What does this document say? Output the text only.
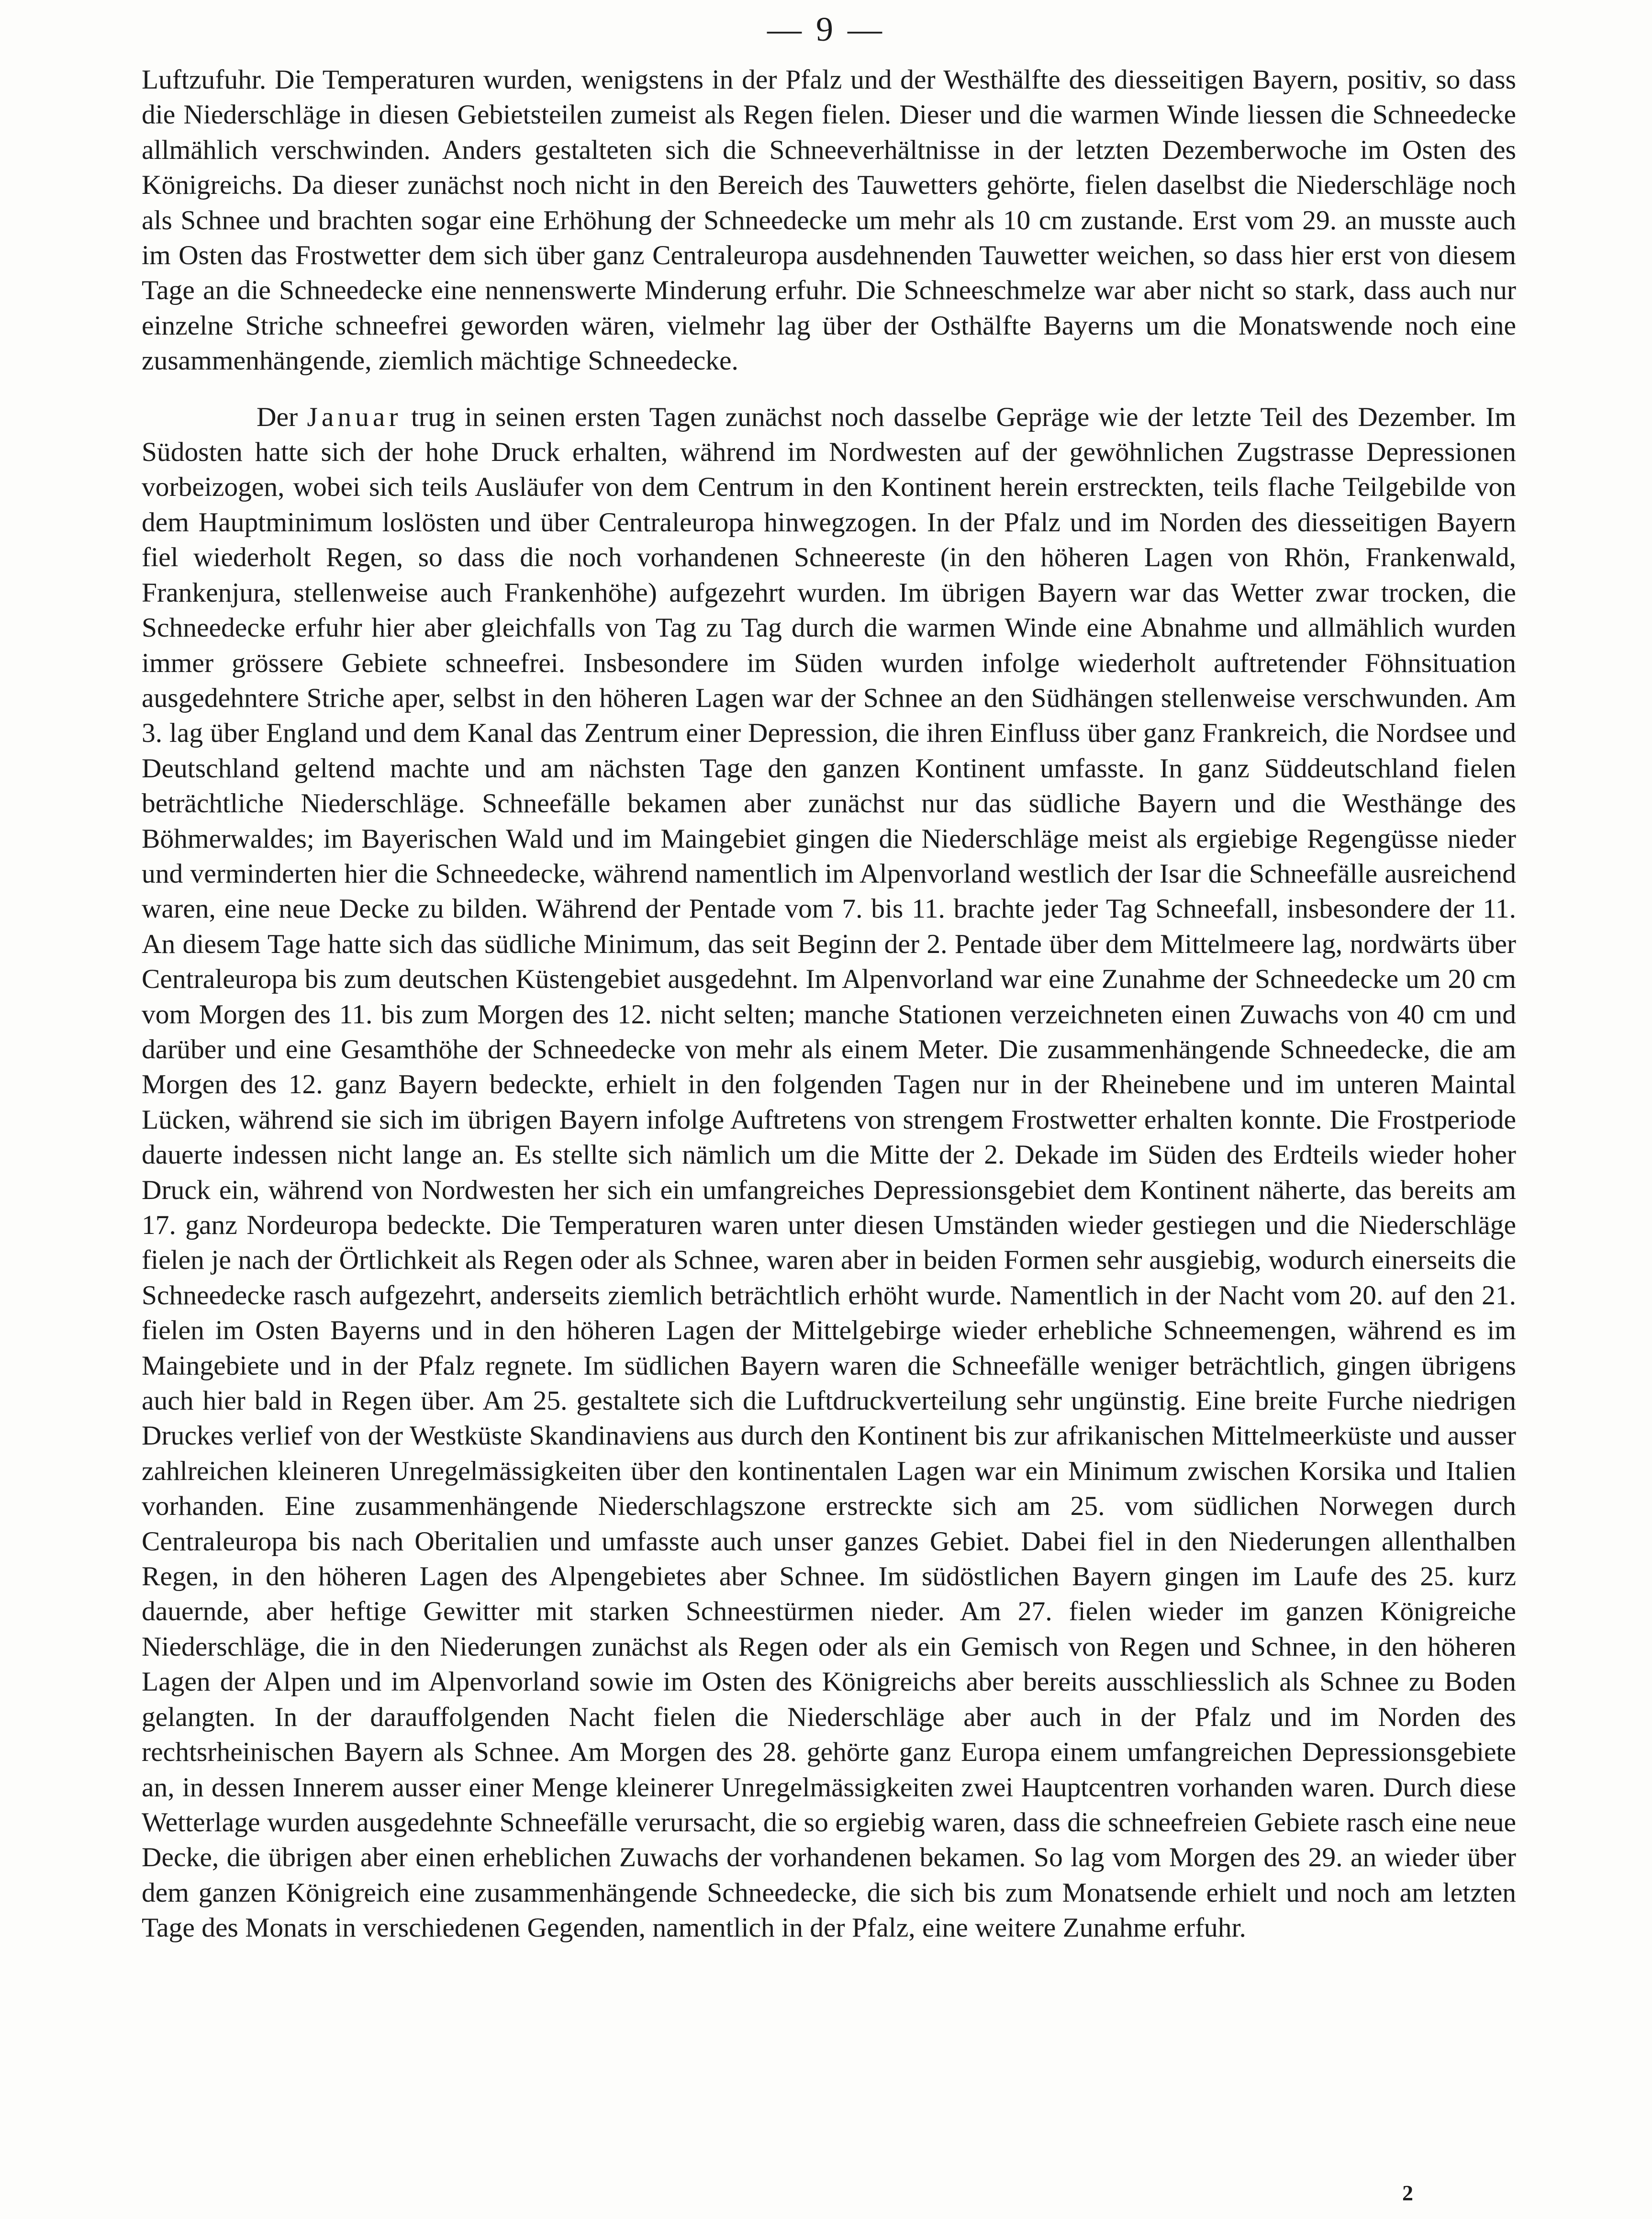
— 9 —

Luftzufuhr. Die Temperaturen wurden, wenigstens in der Pfalz und der Westhälfte des diesseitigen Bayern, positiv, so dass die Niederschläge in diesen Gebietsteilen zumeist als Regen fielen. Dieser und die warmen Winde liessen die Schneedecke allmählich verschwinden. Anders gestalteten sich die Schneeverhältnisse in der letzten Dezemberwoche im Osten des Königreichs. Da dieser zunächst noch nicht in den Bereich des Tauwetters gehörte, fielen daselbst die Niederschläge noch als Schnee und brachten sogar eine Erhöhung der Schneedecke um mehr als 10 cm zustande. Erst vom 29. an musste auch im Osten das Frostwetter dem sich über ganz Centraleuropa ausdehnenden Tauwetter weichen, so dass hier erst von diesem Tage an die Schneedecke eine nennenswerte Minderung erfuhr. Die Schneeschmelze war aber nicht so stark, dass auch nur einzelne Striche schneefrei geworden wären, vielmehr lag über der Osthälfte Bayerns um die Monatswende noch eine zusammenhängende, ziemlich mächtige Schneedecke.

Der Januar trug in seinen ersten Tagen zunächst noch dasselbe Gepräge wie der letzte Teil des Dezember. Im Südosten hatte sich der hohe Druck erhalten, während im Nordwesten auf der gewöhnlichen Zugstrasse Depressionen vorbeizogen, wobei sich teils Ausläufer von dem Centrum in den Kontinent herein erstreckten, teils flache Teilgebilde von dem Hauptminimum loslösten und über Centraleuropa hinwegzogen. In der Pfalz und im Norden des diesseitigen Bayern fiel wiederholt Regen, so dass die noch vorhandenen Schneereste (in den höheren Lagen von Rhön, Frankenwald, Frankenjura, stellenweise auch Frankenhöhe) aufgezehrt wurden. Im übrigen Bayern war das Wetter zwar trocken, die Schneedecke erfuhr hier aber gleichfalls von Tag zu Tag durch die warmen Winde eine Abnahme und allmählich wurden immer grössere Gebiete schneefrei. Insbesondere im Süden wurden infolge wiederholt auftretender Föhnsituation ausgedehntere Striche aper, selbst in den höheren Lagen war der Schnee an den Südhängen stellenweise verschwunden. Am 3. lag über England und dem Kanal das Zentrum einer Depression, die ihren Einfluss über ganz Frankreich, die Nordsee und Deutschland geltend machte und am nächsten Tage den ganzen Kontinent umfasste. In ganz Süddeutschland fielen beträchtliche Niederschläge. Schneefälle bekamen aber zunächst nur das südliche Bayern und die Westhänge des Böhmerwaldes; im Bayerischen Wald und im Maingebiet gingen die Niederschläge meist als ergiebige Regengüsse nieder und verminderten hier die Schneedecke, während namentlich im Alpenvorland westlich der Isar die Schneefälle ausreichend waren, eine neue Decke zu bilden. Während der Pentade vom 7. bis 11. brachte jeder Tag Schneefall, insbesondere der 11. An diesem Tage hatte sich das südliche Minimum, das seit Beginn der 2. Pentade über dem Mittelmeere lag, nordwärts über Centraleuropa bis zum deutschen Küstengebiet ausgedehnt. Im Alpenvorland war eine Zunahme der Schneedecke um 20 cm vom Morgen des 11. bis zum Morgen des 12. nicht selten; manche Stationen verzeichneten einen Zuwachs von 40 cm und darüber und eine Gesamthöhe der Schneedecke von mehr als einem Meter. Die zusammenhängende Schneedecke, die am Morgen des 12. ganz Bayern bedeckte, erhielt in den folgenden Tagen nur in der Rheinebene und im unteren Maintal Lücken, während sie sich im übrigen Bayern infolge Auftretens von strengem Frostwetter erhalten konnte. Die Frostperiode dauerte indessen nicht lange an. Es stellte sich nämlich um die Mitte der 2. Dekade im Süden des Erdteils wieder hoher Druck ein, während von Nordwesten her sich ein umfangreiches Depressionsgebiet dem Kontinent näherte, das bereits am 17. ganz Nordeuropa bedeckte. Die Temperaturen waren unter diesen Umständen wieder gestiegen und die Niederschläge fielen je nach der Örtlichkeit als Regen oder als Schnee, waren aber in beiden Formen sehr ausgiebig, wodurch einerseits die Schneedecke rasch aufgezehrt, anderseits ziemlich beträchtlich erhöht wurde. Namentlich in der Nacht vom 20. auf den 21. fielen im Osten Bayerns und in den höheren Lagen der Mittelgebirge wieder erhebliche Schneemengen, während es im Maingebiete und in der Pfalz regnete. Im südlichen Bayern waren die Schneefälle weniger beträchtlich, gingen übrigens auch hier bald in Regen über. Am 25. gestaltete sich die Luftdruckverteilung sehr ungünstig. Eine breite Furche niedrigen Druckes verlief von der Westküste Skandinaviens aus durch den Kontinent bis zur afrikanischen Mittelmeerküste und ausser zahlreichen kleineren Unregelmässigkeiten über den kontinentalen Lagen war ein Minimum zwischen Korsika und Italien vorhanden. Eine zusammenhängende Niederschlagszone erstreckte sich am 25. vom südlichen Norwegen durch Centraleuropa bis nach Oberitalien und umfasste auch unser ganzes Gebiet. Dabei fiel in den Niederungen allenthalben Regen, in den höheren Lagen des Alpengebietes aber Schnee. Im südöstlichen Bayern gingen im Laufe des 25. kurz dauernde, aber heftige Gewitter mit starken Schneestürmen nieder. Am 27. fielen wieder im ganzen Königreiche Niederschläge, die in den Niederungen zunächst als Regen oder als ein Gemisch von Regen und Schnee, in den höheren Lagen der Alpen und im Alpenvorland sowie im Osten des Königreichs aber bereits ausschliesslich als Schnee zu Boden gelangten. In der darauffolgenden Nacht fielen die Niederschläge aber auch in der Pfalz und im Norden des rechtsrheinischen Bayern als Schnee. Am Morgen des 28. gehörte ganz Europa einem umfangreichen Depressionsgebiete an, in dessen Innerem ausser einer Menge kleinerer Unregelmässigkeiten zwei Hauptcentren vorhanden waren. Durch diese Wetterlage wurden ausgedehnte Schneefälle verursacht, die so ergiebig waren, dass die schneefreien Gebiete rasch eine neue Decke, die übrigen aber einen erheblichen Zuwachs der vorhandenen bekamen. So lag vom Morgen des 29. an wieder über dem ganzen Königreich eine zusammenhängende Schneedecke, die sich bis zum Monatsende erhielt und noch am letzten Tage des Monats in verschiedenen Gegenden, namentlich in der Pfalz, eine weitere Zunahme erfuhr.

2
